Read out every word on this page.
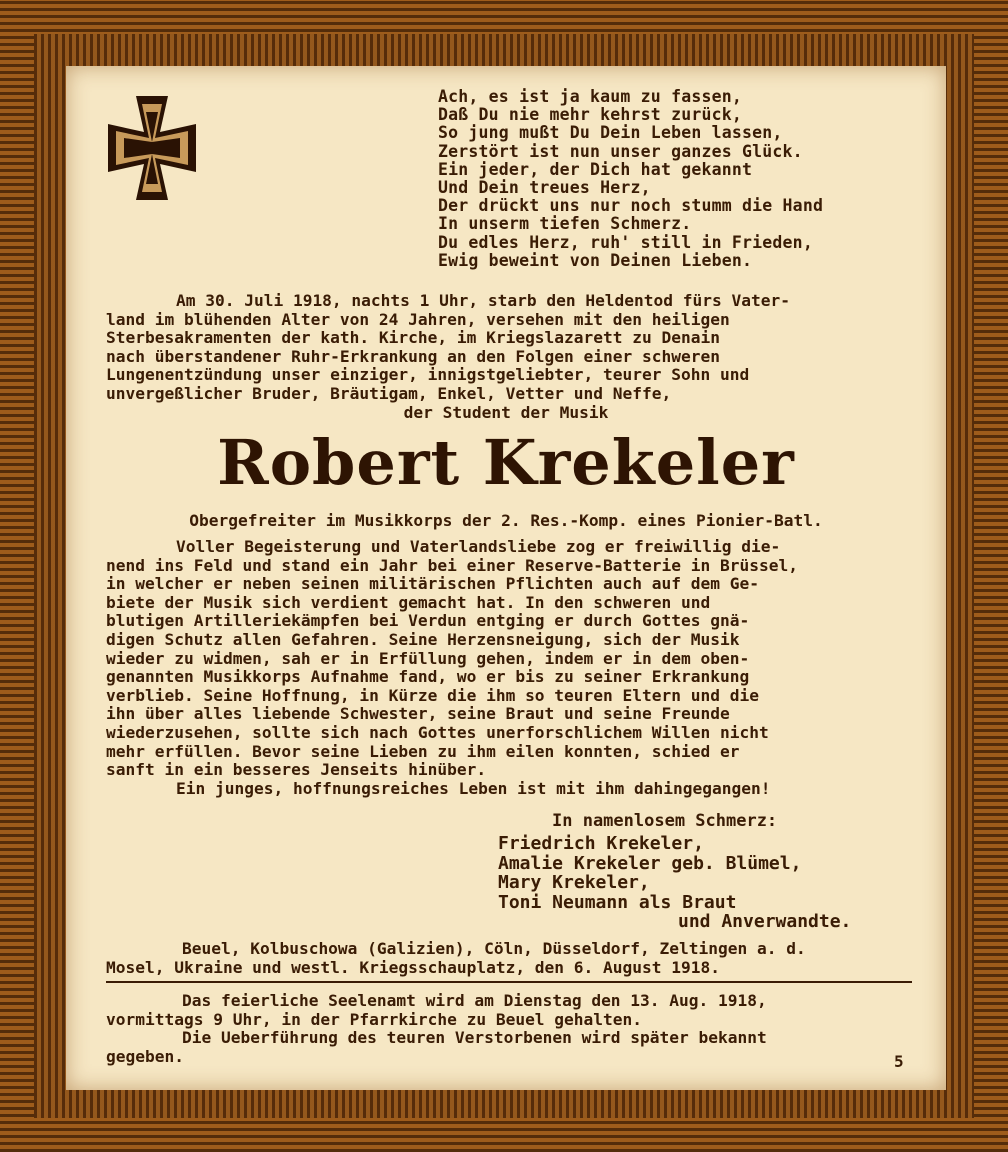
Ach, es ist ja kaum zu fassen,
Daß Du nie mehr kehrst zurück,
So jung mußt Du Dein Leben lassen,
Zerstört ist nun unser ganzes Glück.
Ein jeder, der Dich hat gekannt
Und Dein treues Herz,
Der drückt uns nur noch stumm die Hand
In unserm tiefen Schmerz.
Du edles Herz, ruh' still in Frieden,
Ewig beweint von Deinen Lieben.
Am 30. Juli 1918, nachts 1 Uhr, starb den Heldentod fürs Vater-
land im blühenden Alter von 24 Jahren, versehen mit den heiligen
Sterbesakramenten der kath. Kirche, im Kriegslazarett zu Denain
nach überstandener Ruhr-Erkrankung an den Folgen einer schweren
Lungenentzündung unser einziger, innigstgeliebter, teurer Sohn und
unvergeßlicher Bruder, Bräutigam, Enkel, Vetter und Neffe,
der Student der Musik
Robert Krekeler
Obergefreiter im Musikkorps der 2. Res.-Komp. eines Pionier-Batl.
Voller Begeisterung und Vaterlandsliebe zog er freiwillig die-
nend ins Feld und stand ein Jahr bei einer Reserve-Batterie in Brüssel,
in welcher er neben seinen militärischen Pflichten auch auf dem Ge-
biete der Musik sich verdient gemacht hat. In den schweren und
blutigen Artilleriekämpfen bei Verdun entging er durch Gottes gnä-
digen Schutz allen Gefahren. Seine Herzensneigung, sich der Musik
wieder zu widmen, sah er in Erfüllung gehen, indem er in dem oben-
genannten Musikkorps Aufnahme fand, wo er bis zu seiner Erkrankung
verblieb. Seine Hoffnung, in Kürze die ihm so teuren Eltern und die
ihn über alles liebende Schwester, seine Braut und seine Freunde
wiederzusehen, sollte sich nach Gottes unerforschlichem Willen nicht
mehr erfüllen. Bevor seine Lieben zu ihm eilen konnten, schied er
sanft in ein besseres Jenseits hinüber.
Ein junges, hoffnungsreiches Leben ist mit ihm dahingegangen!
In namenlosem Schmerz:
Friedrich Krekeler,
Amalie Krekeler geb. Blümel,
Mary Krekeler,
Toni Neumann als Braut
und Anverwandte.
Beuel, Kolbuschowa (Galizien), Cöln, Düsseldorf, Zeltingen a. d.
Mosel, Ukraine und westl. Kriegsschauplatz, den 6. August 1918.
Das feierliche Seelenamt wird am Dienstag den 13. Aug. 1918,
vormittags 9 Uhr, in der Pfarrkirche zu Beuel gehalten.
Die Ueberführung des teuren Verstorbenen wird später bekannt
gegeben.	5
